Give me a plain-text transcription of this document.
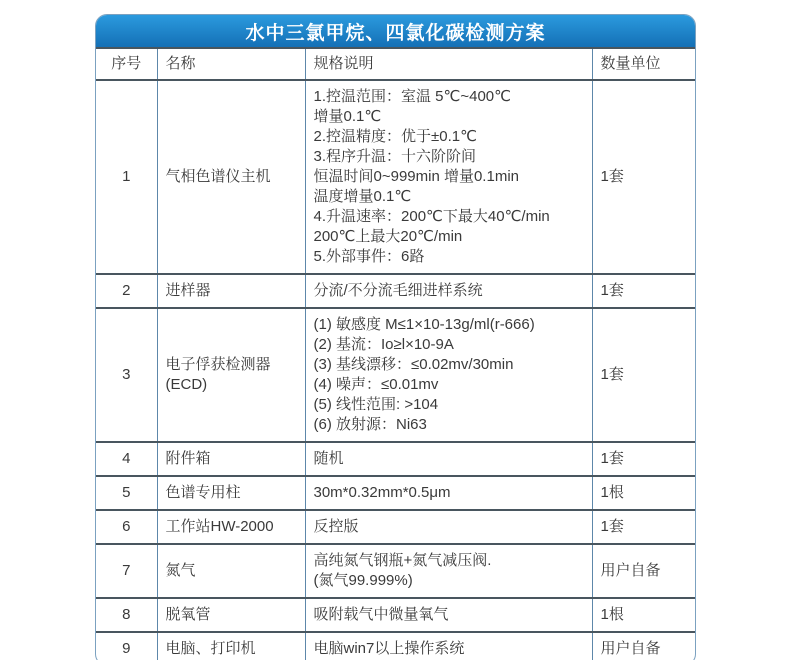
水中三氯甲烷、四氯化碳检测方案
序号	名称	规格说明	数量单位
1	气相色谱仪主机	
1.控温范围：室温 5℃~400℃
增量0.1℃
2.控温精度：优于±0.1℃
3.程序升温：十六阶阶间
恒温时间0~999min 增量0.1min
温度增量0.1℃
4.升温速率：200℃下最大40℃/min
200℃上最大20℃/min
5.外部事件：6路
	1套
2	进样器	分流/不分流毛细进样系统	1套
3	电子俘获检测器(ECD)	
(1) 敏感度 M≤1×10-13g/ml(r-666)
(2) 基流：Io≥l×10-9A
(3) 基线漂移：≤0.02mv/30min
(4) 噪声：≤0.01mv
(5) 线性范围: >104
(6) 放射源：Ni63
	1套
4	附件箱	随机	1套
5	色谱专用柱	30m*0.32mm*0.5μm	1根
6	工作站HW-2000	反控版	1套
7	氮气	高纯氮气钢瓶+氮气减压阀.
(氮气99.999%)	用户自备
8	脱氧管	吸附载气中微量氧气	1根
9	电脑、打印机	电脑win7以上操作系统	用户自备
